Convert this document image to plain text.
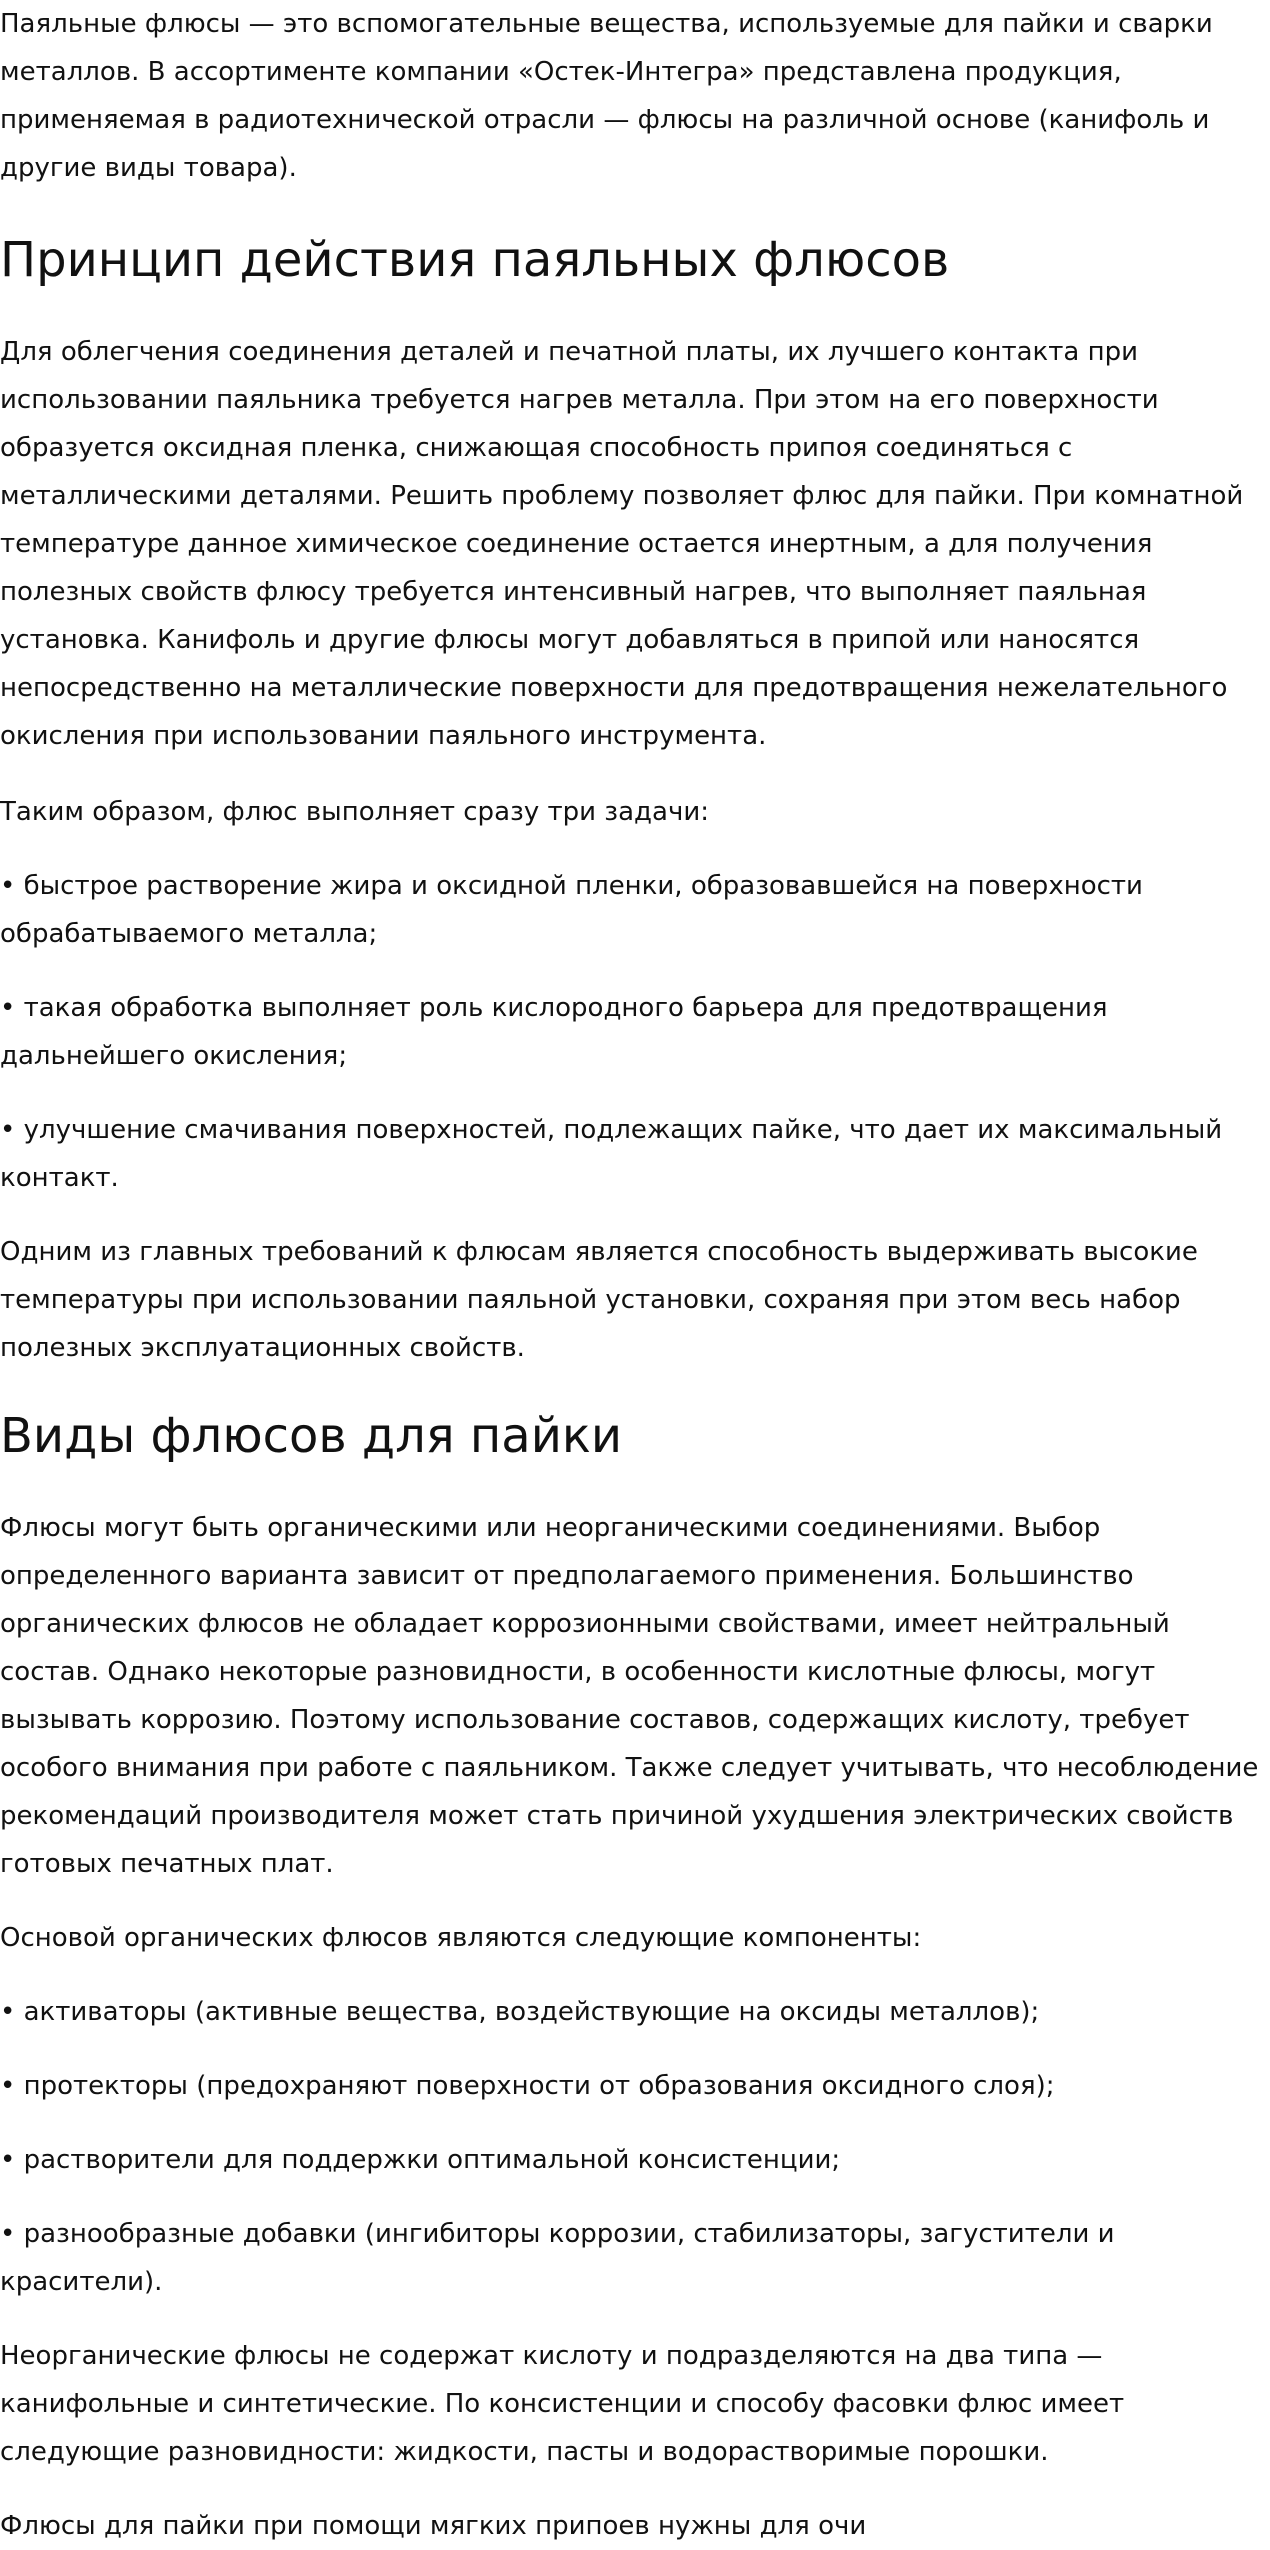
Паяльные флюсы — это вспомогательные вещества, используемые для пайки и сварки металлов. В ассортименте компании «Остек-Интегра» представлена продукция, применяемая в радиотехнической отрасли — флюсы на различной основе (канифоль и другие виды товара).

Принцип действия паяльных флюсов

Для облегчения соединения деталей и печатной платы, их лучшего контакта при использовании паяльника требуется нагрев металла. При этом на его поверхности образуется оксидная пленка, снижающая способность припоя соединяться с металлическими деталями. Решить проблему позволяет флюс для пайки. При комнатной температуре данное химическое соединение остается инертным, а для получения полезных свойств флюсу требуется интенсивный нагрев, что выполняет паяльная установка. Канифоль и другие флюсы могут добавляться в припой или наносятся непосредственно на металлические поверхности для предотвращения нежелательного окисления при использовании паяльного инструмента.

Таким образом, флюс выполняет сразу три задачи:

• быстрое растворение жира и оксидной пленки, образовавшейся на поверхности обрабатываемого металла;

• такая обработка выполняет роль кислородного барьера для предотвращения дальнейшего окисления;

• улучшение смачивания поверхностей, подлежащих пайке, что дает их максимальный контакт.

Одним из главных требований к флюсам является способность выдерживать высокие температуры при использовании паяльной установки, сохраняя при этом весь набор полезных эксплуатационных свойств.

Виды флюсов для пайки

Флюсы могут быть органическими или неорганическими соединениями. Выбор определенного варианта зависит от предполагаемого применения. Большинство органических флюсов не обладает коррозионными свойствами, имеет нейтральный состав. Однако некоторые разновидности, в особенности кислотные флюсы, могут вызывать коррозию. Поэтому использование составов, содержащих кислоту, требует особого внимания при работе с паяльником. Также следует учитывать, что несоблюдение рекомендаций производителя может стать причиной ухудшения электрических свойств готовых печатных плат.

Основой органических флюсов являются следующие компоненты:

• активаторы (активные вещества, воздействующие на оксиды металлов);

• протекторы (предохраняют поверхности от образования оксидного слоя);

• растворители для поддержки оптимальной консистенции;

• разнообразные добавки (ингибиторы коррозии, стабилизаторы, загустители и красители).

Неорганические флюсы не содержат кислоту и подразделяются на два типа — канифольные и синтетические. По консистенции и способу фасовки флюс имеет следующие разновидности: жидкости, пасты и водорастворимые порошки.

Флюсы для пайки при помощи мягких припоев нужны для очи
